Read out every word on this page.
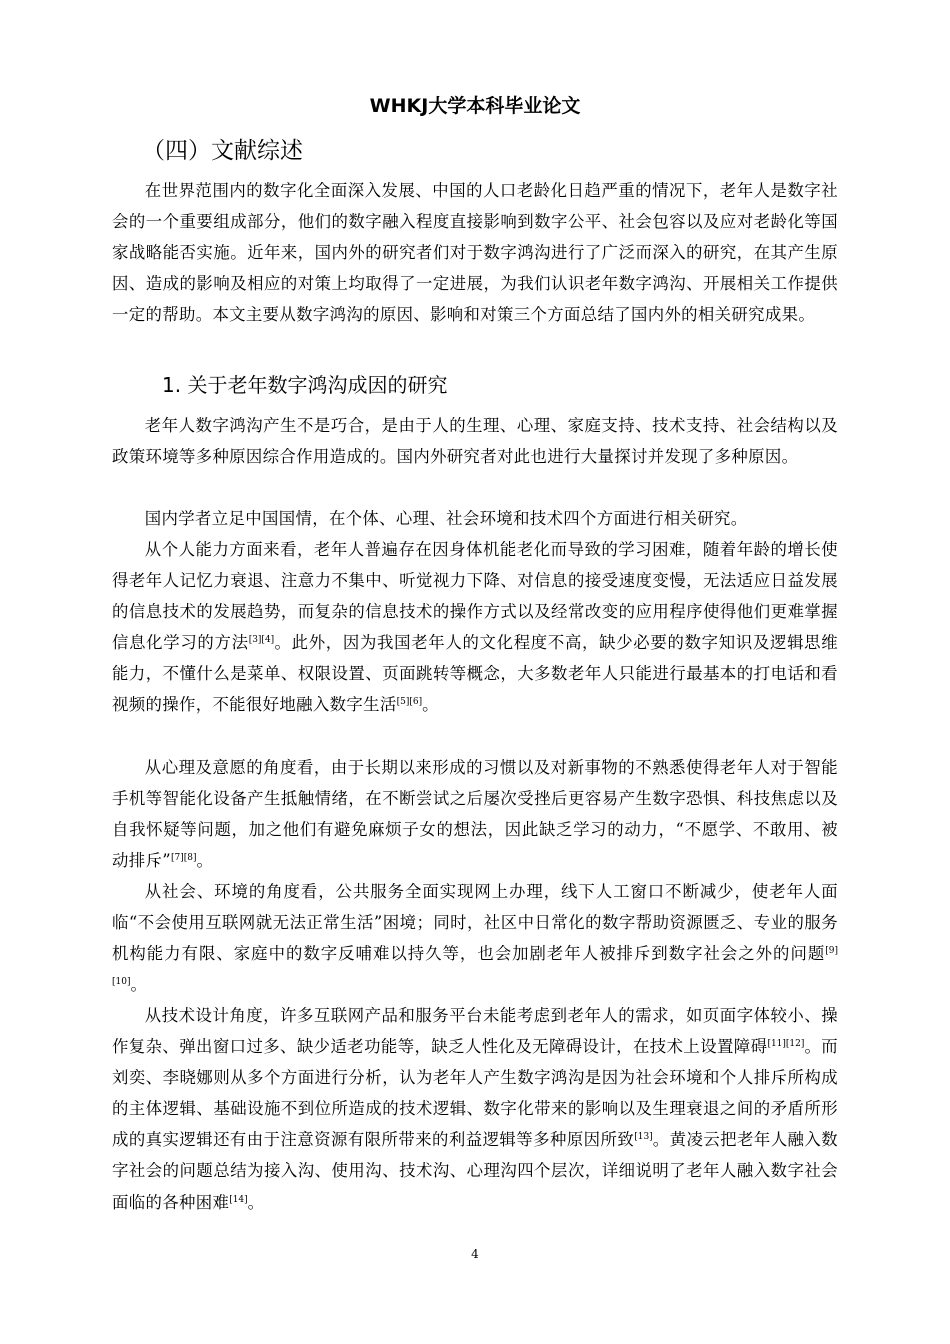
WHKJ大学本科毕业论文
（四）文献综述

在世界范围内的数字化全面深入发展、中国的人口老龄化日趋严重的情况下，老年人是数字社会的一个重要组成部分，他们的数字融入程度直接影响到数字公平、社会包容以及应对老龄化等国家战略能否实施。近年来，国内外的研究者们对于数字鸿沟进行了广泛而深入的研究，在其产生原因、造成的影响及相应的对策上均取得了一定进展，为我们认识老年数字鸿沟、开展相关工作提供一定的帮助。本文主要从数字鸿沟的原因、影响和对策三个方面总结了国内外的相关研究成果。

1. 关于老年数字鸿沟成因的研究

老年人数字鸿沟产生不是巧合，是由于人的生理、心理、家庭支持、技术支持、社会结构以及政策环境等多种原因综合作用造成的。国内外研究者对此也进行大量探讨并发现了多种原因。

国内学者立足中国国情，在个体、心理、社会环境和技术四个方面进行相关研究。

从个人能力方面来看，老年人普遍存在因身体机能老化而导致的学习困难，随着年龄的增长使得老年人记忆力衰退、注意力不集中、听觉视力下降、对信息的接受速度变慢，无法适应日益发展的信息技术的发展趋势，而复杂的信息技术的操作方式以及经常改变的应用程序使得他们更难掌握信息化学习的方法[3][4]。此外，因为我国老年人的文化程度不高，缺少必要的数字知识及逻辑思维能力，不懂什么是菜单、权限设置、页面跳转等概念，大多数老年人只能进行最基本的打电话和看视频的操作，不能很好地融入数字生活[5][6]。

从心理及意愿的角度看，由于长期以来形成的习惯以及对新事物的不熟悉使得老年人对于智能手机等智能化设备产生抵触情绪，在不断尝试之后屡次受挫后更容易产生数字恐惧、科技焦虑以及自我怀疑等问题，加之他们有避免麻烦子女的想法，因此缺乏学习的动力，“不愿学、不敢用、被动排斥”[7][8]。

从社会、环境的角度看，公共服务全面实现网上办理，线下人工窗口不断减少，使老年人面临“不会使用互联网就无法正常生活”困境；同时，社区中日常化的数字帮助资源匮乏、专业的服务机构能力有限、家庭中的数字反哺难以持久等，也会加剧老年人被排斥到数字社会之外的问题[9][10]。

从技术设计角度，许多互联网产品和服务平台未能考虑到老年人的需求，如页面字体较小、操作复杂、弹出窗口过多、缺少适老功能等，缺乏人性化及无障碍设计，在技术上设置障碍[11][12]。而刘奕、李晓娜则从多个方面进行分析，认为老年人产生数字鸿沟是因为社会环境和个人排斥所构成的主体逻辑、基础设施不到位所造成的技术逻辑、数字化带来的影响以及生理衰退之间的矛盾所形成的真实逻辑还有由于注意资源有限所带来的利益逻辑等多种原因所致[13]。黄凌云把老年人融入数字社会的问题总结为接入沟、使用沟、技术沟、心理沟四个层次，详细说明了老年人融入数字社会面临的各种困难[14]。

4
